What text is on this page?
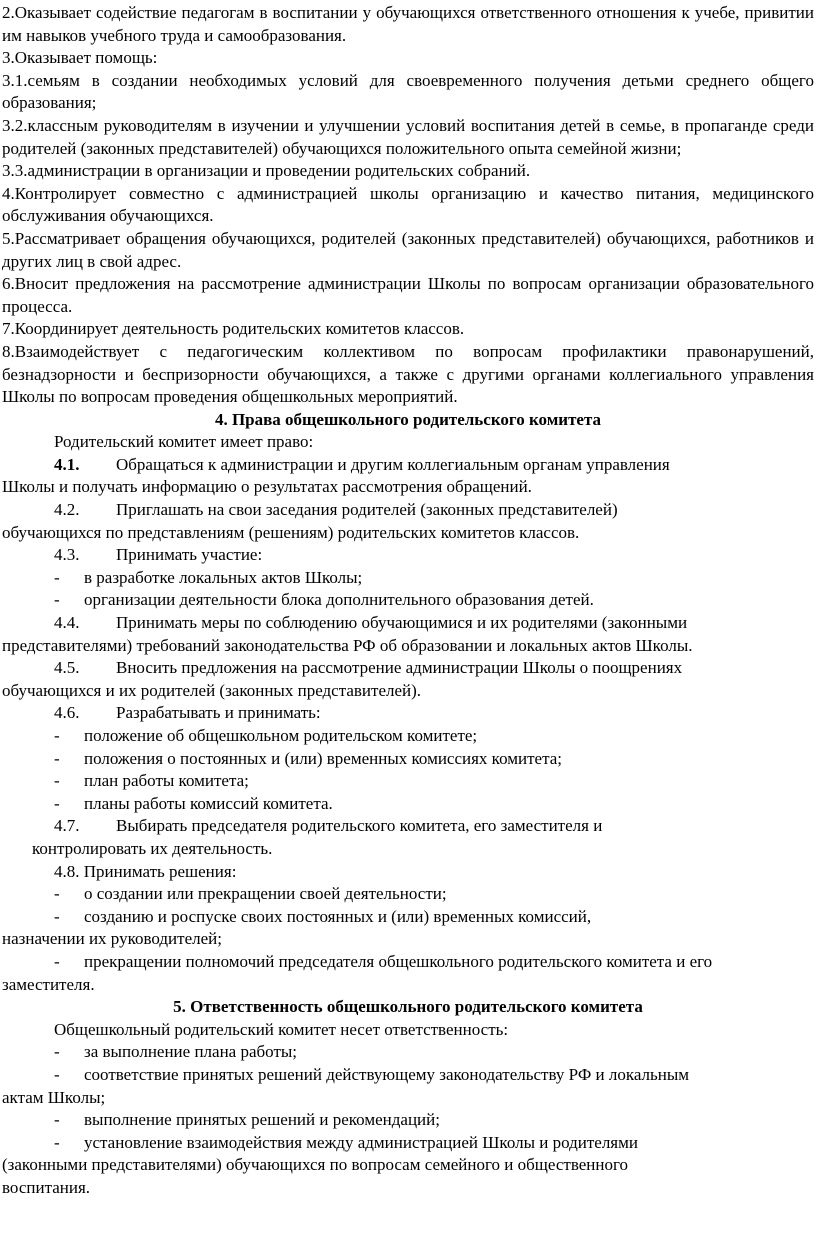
2.Оказывает содействие педагогам в воспитании у обучающихся ответственного отношения к учебе, привитии им навыков учебного труда и самообразования.

3.Оказывает помощь:

3.1.семьям в создании необходимых условий для своевременного получения детьми среднего общего образования;

3.2.классным руководителям в изучении и улучшении условий воспитания детей в семье, в пропаганде среди родителей (законных представителей) обучающихся положительного опыта семейной жизни;

3.3.администрации в организации и проведении родительских собраний.

4.Контролирует совместно с администрацией школы организацию и качество питания, медицинского обслуживания обучающихся.

5.Рассматривает обращения обучающихся, родителей (законных представителей) обучающихся, работников и других лиц в свой адрес.

6.Вносит предложения на рассмотрение администрации Школы по вопросам организации образовательного процесса.

7.Координирует деятельность родительских комитетов классов.

8.Взаимодействует с педагогическим коллективом по вопросам профилактики правонарушений, безнадзорности и беспризорности обучающихся, а также с другими органами коллегиального управления Школы по вопросам проведения общешкольных мероприятий.

4. Права общешкольного родительского комитета

Родительский комитет имеет право:

4.1.	Обращаться к администрации и другим коллегиальным органам управления

Школы и получать информацию о результатах рассмотрения обращений.

4.2.	Приглашать на свои заседания родителей (законных представителей)

обучающихся по представлениям (решениям) родительских комитетов классов.

4.3.	Принимать участие:
-	в разработке локальных актов Школы;
-	организации деятельности блока дополнительного образования детей.
4.4.	Принимать меры по соблюдению обучающимися и их родителями (законными

представителями) требований законодательства РФ об образовании и локальных актов Школы.

4.5.	Вносить предложения на рассмотрение администрации Школы о поощрениях

обучающихся и их родителей (законных представителей).

4.6.	Разрабатывать и принимать:
-	положение об общешкольном родительском комитете;
-	положения о постоянных и (или) временных комиссиях комитета;
-	план работы комитета;
-	планы работы комиссий комитета.
4.7.	Выбирать председателя родительского комитета, его заместителя и

контролировать их деятельность.

4.8. Принимать решения:

-	о создании или прекращении своей деятельности;
-	созданию и роспуске своих постоянных и (или) временных комиссий,

назначении их руководителей;

-	прекращении полномочий председателя общешкольного родительского комитета и его

заместителя.

5. Ответственность общешкольного родительского комитета

Общешкольный родительский комитет несет ответственность:

-	за выполнение плана работы;
-	соответствие принятых решений действующему законодательству РФ и локальным

актам Школы;

-	выполнение принятых решений и рекомендаций;
-	установление взаимодействия между администрацией Школы и родителями

(законными представителями) обучающихся по вопросам семейного и общественного

воспитания.
